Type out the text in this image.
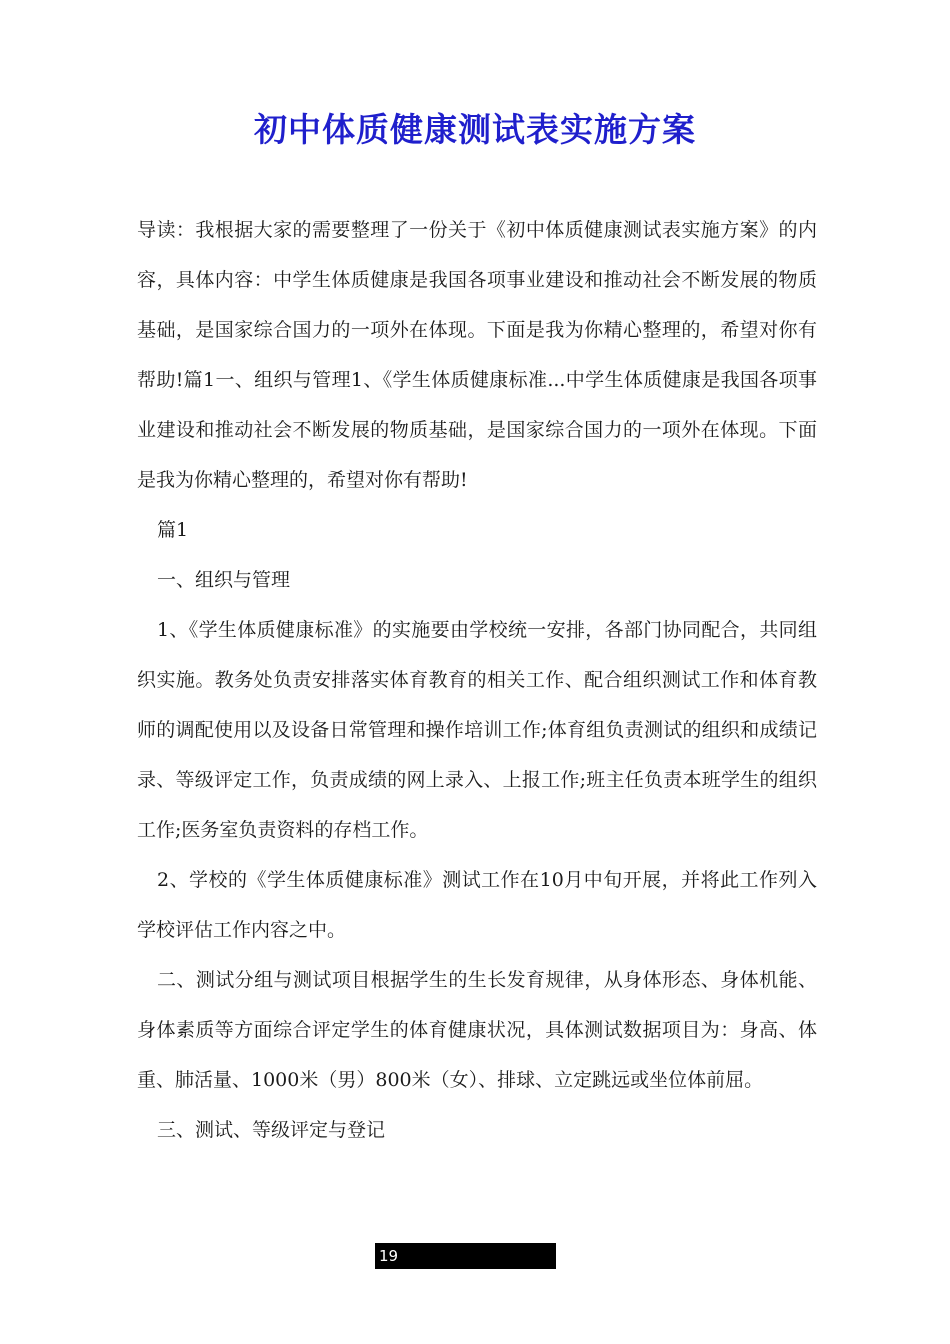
初中体质健康测试表实施方案

导读：我根据大家的需要整理了一份关于《初中体质健康测试表实施方案》的内容，具体内容：中学生体质健康是我国各项事业建设和推动社会不断发展的物质基础，是国家综合国力的一项外在体现。下面是我为你精心整理的，希望对你有帮助!篇1一、组织与管理1、《学生体质健康标准...中学生体质健康是我国各项事业建设和推动社会不断发展的物质基础，是国家综合国力的一项外在体现。下面是我为你精心整理的，希望对你有帮助!

篇1

一、组织与管理

1、《学生体质健康标准》的实施要由学校统一安排，各部门协同配合，共同组织实施。教务处负责安排落实体育教育的相关工作、配合组织测试工作和体育教师的调配使用以及设备日常管理和操作培训工作;体育组负责测试的组织和成绩记录、等级评定工作，负责成绩的网上录入、上报工作;班主任负责本班学生的组织工作;医务室负责资料的存档工作。

2、学校的《学生体质健康标准》测试工作在10月中旬开展，并将此工作列入学校评估工作内容之中。

二、测试分组与测试项目根据学生的生长发育规律，从身体形态、身体机能、身体素质等方面综合评定学生的体育健康状况，具体测试数据项目为：身高、体重、肺活量、1000米（男）800米（女）、排球、立定跳远或坐位体前屈。

三、测试、等级评定与登记

19
